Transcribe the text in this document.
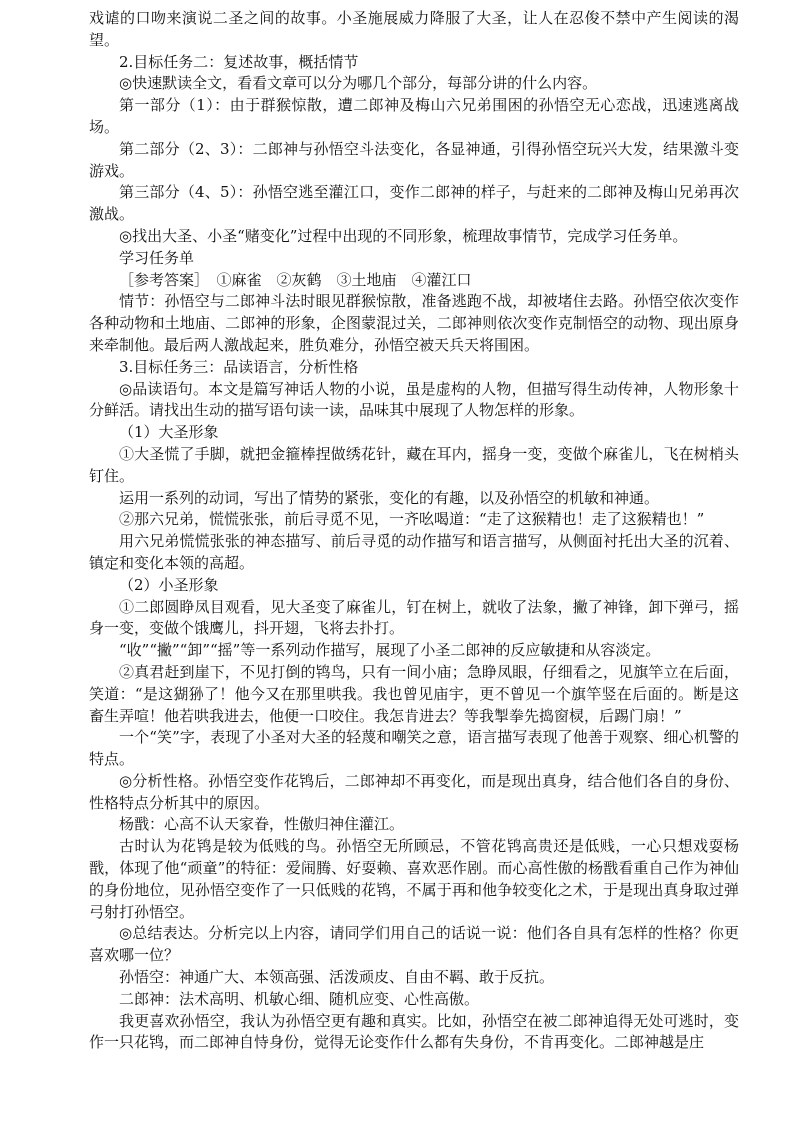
戏谑的口吻来演说二圣之间的故事。小圣施展威力降服了大圣，让人在忍俊不禁中产生阅读的渴望。

2.目标任务二：复述故事，概括情节

◎快速默读全文，看看文章可以分为哪几个部分，每部分讲的什么内容。

第一部分（1）：由于群猴惊散，遭二郎神及梅山六兄弟围困的孙悟空无心恋战，迅速逃离战场。

第二部分（2、3）：二郎神与孙悟空斗法变化，各显神通，引得孙悟空玩兴大发，结果激斗变游戏。

第三部分（4、5）：孙悟空逃至灌江口，变作二郎神的样子，与赶来的二郎神及梅山兄弟再次激战。

◎找出大圣、小圣“赌变化”过程中出现的不同形象，梳理故事情节，完成学习任务单。

学习任务单

［参考答案］　①麻雀　②灰鹤　③土地庙　④灌江口

情节：孙悟空与二郎神斗法时眼见群猴惊散，准备逃跑不战，却被堵住去路。孙悟空依次变作各种动物和土地庙、二郎神的形象，企图蒙混过关，二郎神则依次变作克制悟空的动物、现出原身来牵制他。最后两人激战起来，胜负难分，孙悟空被天兵天将围困。

3.目标任务三：品读语言，分析性格

◎品读语句。本文是篇写神话人物的小说，虽是虚构的人物，但描写得生动传神，人物形象十分鲜活。请找出生动的描写语句读一读，品味其中展现了人物怎样的形象。

（1）大圣形象

①大圣慌了手脚，就把金箍棒捏做绣花针，藏在耳内，摇身一变，变做个麻雀儿，飞在树梢头钉住。

运用一系列的动词，写出了情势的紧张，变化的有趣，以及孙悟空的机敏和神通。

②那六兄弟，慌慌张张，前后寻觅不见，一齐吆喝道：“走了这猴精也！走了这猴精也！”

用六兄弟慌慌张张的神态描写、前后寻觅的动作描写和语言描写，从侧面衬托出大圣的沉着、镇定和变化本领的高超。

（2）小圣形象

①二郎圆睁凤目观看，见大圣变了麻雀儿，钉在树上，就收了法象，撇了神锋，卸下弹弓，摇身一变，变做个饿鹰儿，抖开翅，飞将去扑打。

“收”“撇”“卸”“摇”等一系列动作描写，展现了小圣二郎神的反应敏捷和从容淡定。

②真君赶到崖下，不见打倒的鸨鸟，只有一间小庙；急睁凤眼，仔细看之，见旗竿立在后面，笑道：“是这猢狲了！他今又在那里哄我。我也曾见庙宇，更不曾见一个旗竿竖在后面的。断是这畜生弄喧！他若哄我进去，他便一口咬住。我怎肯进去？等我掣拳先捣窗棂，后踢门扇！”

一个“笑”字，表现了小圣对大圣的轻蔑和嘲笑之意，语言描写表现了他善于观察、细心机警的特点。

◎分析性格。孙悟空变作花鸨后，二郎神却不再变化，而是现出真身，结合他们各自的身份、性格特点分析其中的原因。

杨戬：心高不认天家眷，性傲归神住灌江。

古时认为花鸨是较为低贱的鸟。孙悟空无所顾忌，不管花鸨高贵还是低贱，一心只想戏耍杨戬，体现了他“顽童”的特征：爱闹腾、好耍赖、喜欢恶作剧。而心高性傲的杨戬看重自己作为神仙的身份地位，见孙悟空变作了一只低贱的花鸨，不属于再和他争较变化之术，于是现出真身取过弹弓射打孙悟空。

◎总结表达。分析完以上内容，请同学们用自己的话说一说：他们各自具有怎样的性格？你更喜欢哪一位？

孙悟空：神通广大、本领高强、活泼顽皮、自由不羁、敢于反抗。

二郎神：法术高明、机敏心细、随机应变、心性高傲。

我更喜欢孙悟空，我认为孙悟空更有趣和真实。比如，孙悟空在被二郎神追得无处可逃时，变作一只花鸨，而二郎神自恃身份，觉得无论变作什么都有失身份，不肯再变化。二郎神越是庄
